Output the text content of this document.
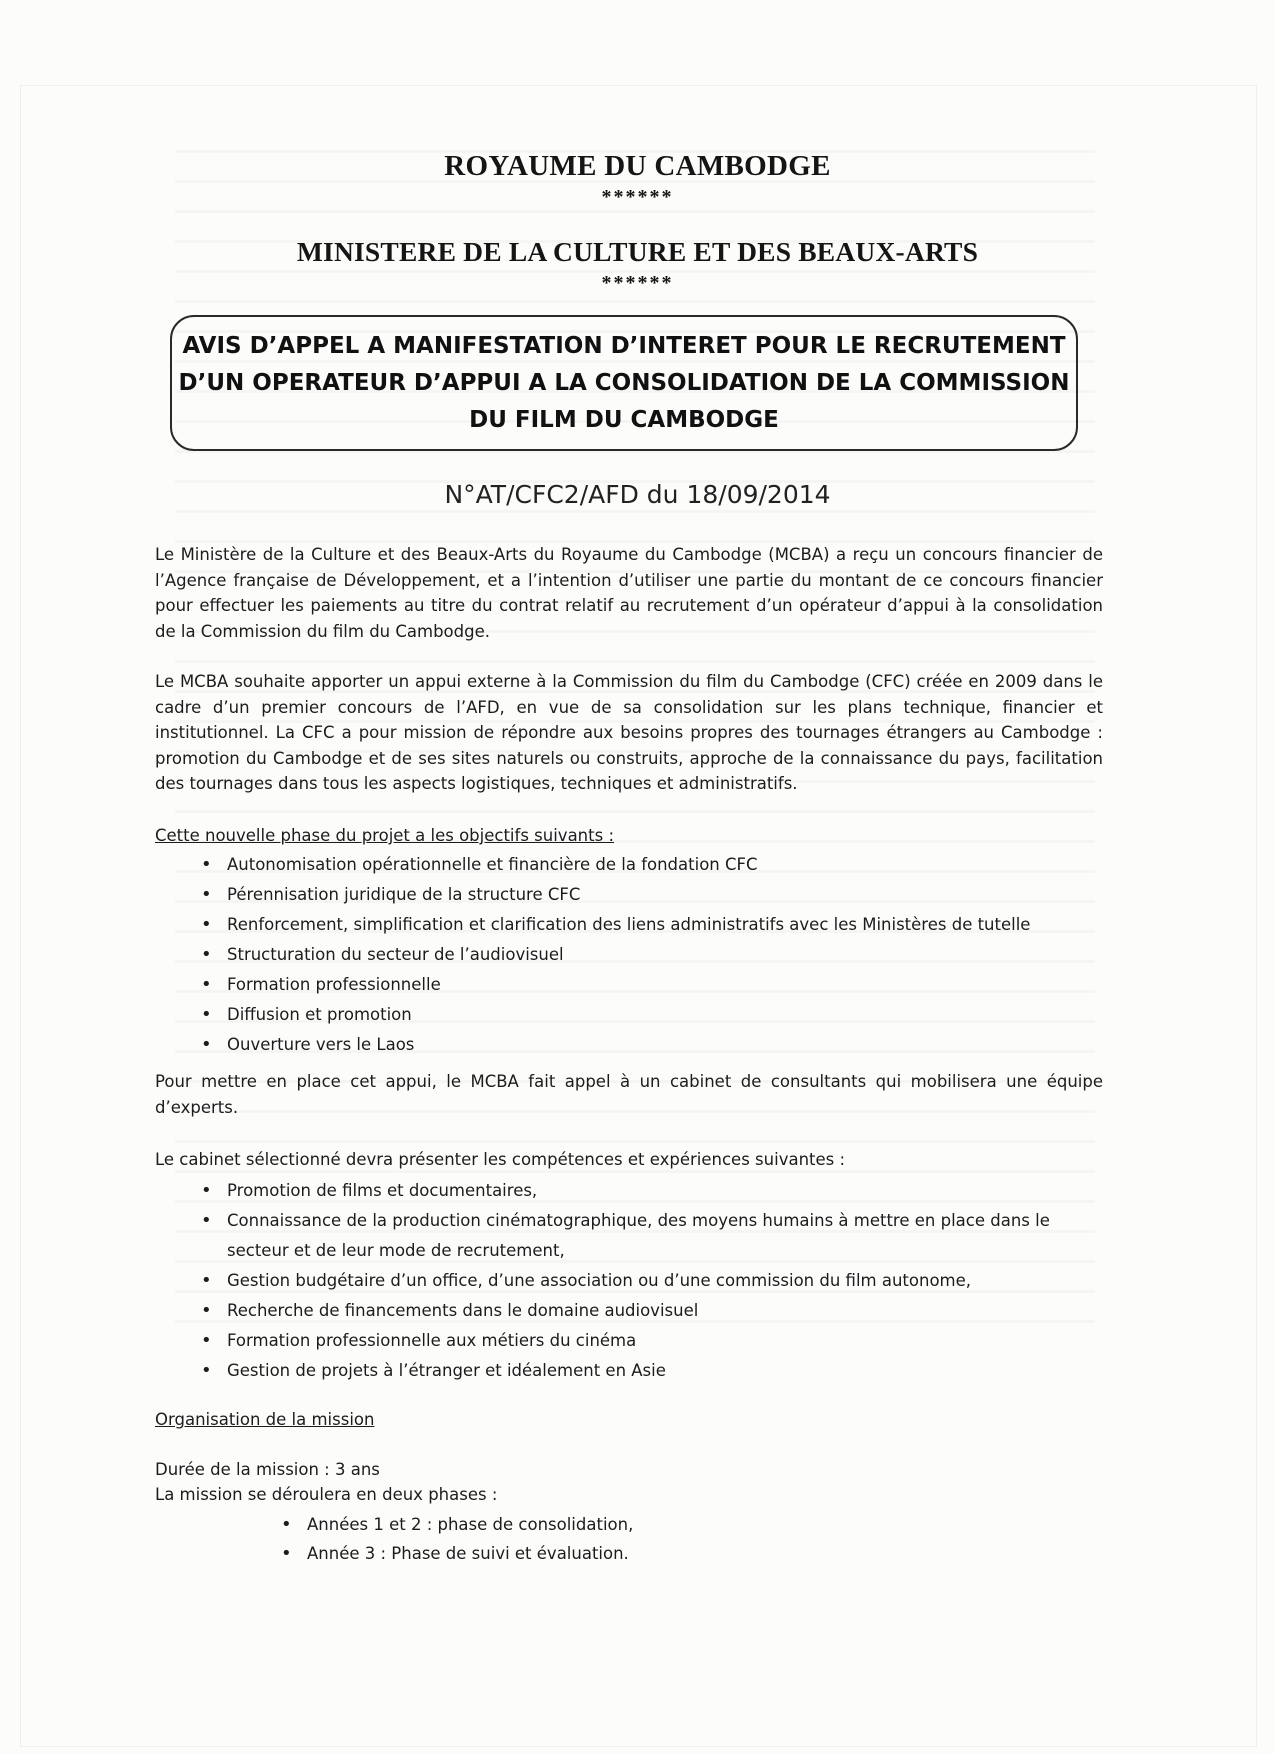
ROYAUME DU CAMBODGE
******
MINISTERE DE LA CULTURE ET DES BEAUX-ARTS
******
AVIS D’APPEL A MANIFESTATION D’INTERET POUR LE RECRUTEMENT
D’UN OPERATEUR D’APPUI A LA CONSOLIDATION DE LA COMMISSION
DU FILM DU CAMBODGE
N°AT/CFC2/AFD du 18/09/2014
Le Ministère de la Culture et des Beaux-Arts du Royaume du Cambodge (MCBA) a reçu un concours financier de l’Agence française de Développement, et a l’intention d’utiliser une partie du montant de ce concours financier pour effectuer les paiements au titre du contrat relatif au recrutement d’un opérateur d’appui à la consolidation de la Commission du film du Cambodge.
Le MCBA souhaite apporter un appui externe à la Commission du film du Cambodge (CFC) créée en 2009 dans le cadre d’un premier concours de l’AFD, en vue de sa consolidation sur les plans technique, financier et institutionnel. La CFC a pour mission de répondre aux besoins propres des tournages étrangers au Cambodge : promotion du Cambodge et de ses sites naturels ou construits, approche de la connaissance du pays, facilitation des tournages dans tous les aspects logistiques, techniques et administratifs.
Cette nouvelle phase du projet a les objectifs suivants :
• Autonomisation opérationnelle et financière de la fondation CFC
• Pérennisation juridique de la structure CFC
• Renforcement, simplification et clarification des liens administratifs avec les Ministères de tutelle
• Structuration du secteur de l’audiovisuel
• Formation professionnelle
• Diffusion et promotion
• Ouverture vers le Laos
Pour mettre en place cet appui, le MCBA fait appel à un cabinet de consultants qui mobilisera une équipe d’experts.
Le cabinet sélectionné devra présenter les compétences et expériences suivantes :
• Promotion de films et documentaires,
• Connaissance de la production cinématographique, des moyens humains à mettre en place dans le secteur et de leur mode de recrutement,
• Gestion budgétaire d’un office, d’une association ou d’une commission du film autonome,
• Recherche de financements dans le domaine audiovisuel
• Formation professionnelle aux métiers du cinéma
• Gestion de projets à l’étranger et idéalement en Asie
Organisation de la mission
Durée de la mission : 3 ans
La mission se déroulera en deux phases :
• Années 1 et 2 : phase de consolidation,
• Année 3 : Phase de suivi et évaluation.
